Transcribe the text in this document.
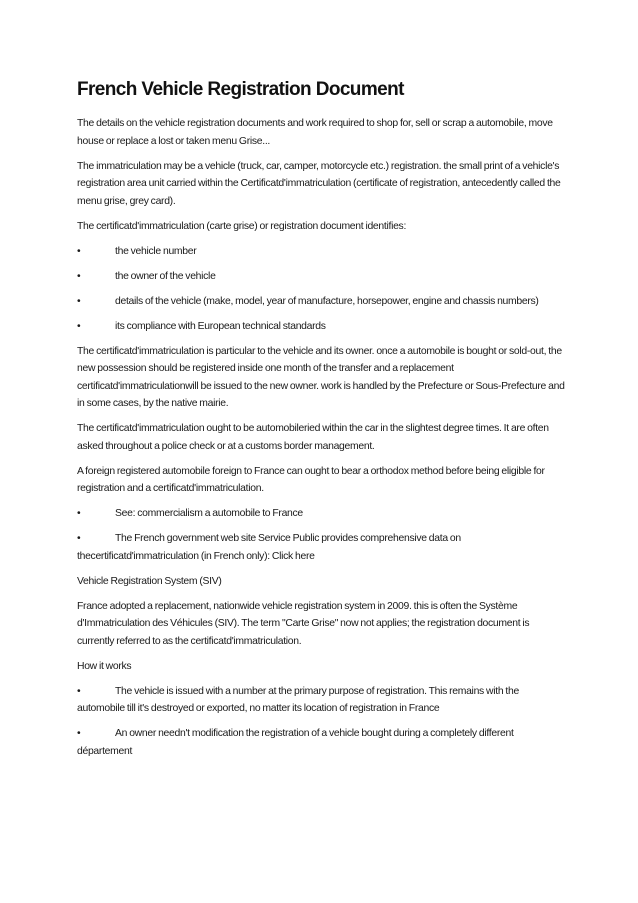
French Vehicle Registration Document

The details on the vehicle registration documents and work required to shop for, sell or scrap a automobile, move house or replace a lost or taken menu Grise...

The immatriculation may be a vehicle (truck, car, camper, motorcycle etc.) registration. the small print of a vehicle's registration area unit carried within the Certificatd'immatriculation (certificate of registration, antecedently called the menu grise, grey card).

The certificatd'immatriculation (carte grise) or registration document identifies:

•	the vehicle number
•	the owner of the vehicle
•	details of the vehicle (make, model, year of manufacture, horsepower, engine and chassis numbers)
•	its compliance with European technical standards

The certificatd'immatriculation is particular to the vehicle and its owner. once a automobile is bought or sold-out, the new possession should be registered inside one month of the transfer and a replacement certificatd'immatriculationwill be issued to the new owner. work is handled by the Prefecture or Sous-Prefecture and in some cases, by the native mairie.

The certificatd'immatriculation ought to be automobileried within the car in the slightest degree times. It are often asked throughout a police check or at a customs border management.

A foreign registered automobile foreign to France can ought to bear a orthodox method before being eligible for registration and a certificatd'immatriculation.

•	See: commercialism a automobile to France
•	The French government web site Service Public provides comprehensive data on thecertificatd'immatriculation (in French only): Click here

Vehicle Registration System (SIV)

France adopted a replacement, nationwide vehicle registration system in 2009. this is often the Système d'Immatriculation des Véhicules (SIV). The term "Carte Grise" now not applies; the registration document is currently referred to as the certificatd'immatriculation.

How it works

•	The vehicle is issued with a number at the primary purpose of registration. This remains with the automobile till it's destroyed or exported, no matter its location of registration in France
•	An owner needn't modification the registration of a vehicle bought during a completely different département
